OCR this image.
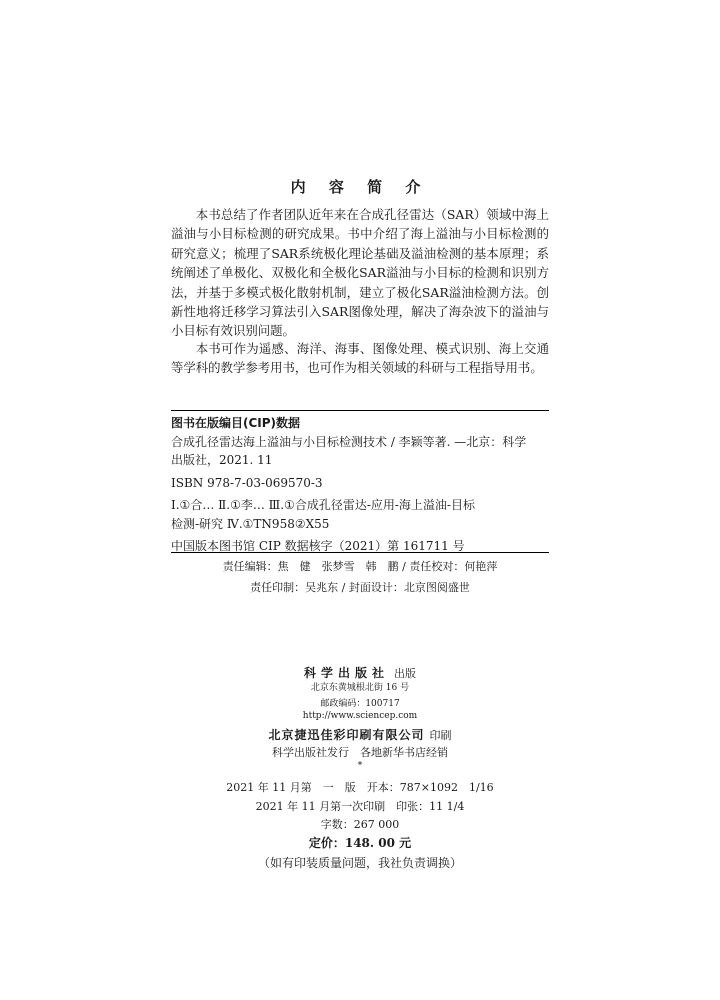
内 容 简 介

本书总结了作者团队近年来在合成孔径雷达（SAR）领域中海上溢油与小目标检测的研究成果。书中介绍了海上溢油与小目标检测的研究意义；梳理了SAR系统极化理论基础及溢油检测的基本原理；系统阐述了单极化、双极化和全极化SAR溢油与小目标的检测和识别方法，并基于多模式极化散射机制，建立了极化SAR溢油检测方法。创新性地将迁移学习算法引入SAR图像处理，解决了海杂波下的溢油与小目标有效识别问题。

本书可作为遥感、海洋、海事、图像处理、模式识别、海上交通等学科的教学参考用书，也可作为相关领域的科研与工程指导用书。

图书在版编目(CIP)数据
合成孔径雷达海上溢油与小目标检测技术 / 李颖等著. —北京：科学
出版社，2021. 11
ISBN 978-7-03-069570-3
Ⅰ.①合… Ⅱ.①李… Ⅲ.①合成孔径雷达-应用-海上溢油-目标
检测-研究 Ⅳ.①TN958②X55
中国版本图书馆 CIP 数据核字（2021）第 161711 号
责任编辑：焦　健　张梦雪　韩　鹏 / 责任校对：何艳萍
责任印制：吴兆东 / 封面设计：北京图阅盛世
科学出版社 出版
北京东黄城根北街 16 号
邮政编码：100717
http://www.sciencep.com
北京捷迅佳彩印刷有限公司 印刷
科学出版社发行　各地新华书店经销
*
2021 年 11 月第　一　版　开本：787×1092　1/16
2021 年 11 月第一次印刷　印张：11 1/4
字数：267 000
定价：148. 00 元
（如有印装质量问题，我社负责调换）
